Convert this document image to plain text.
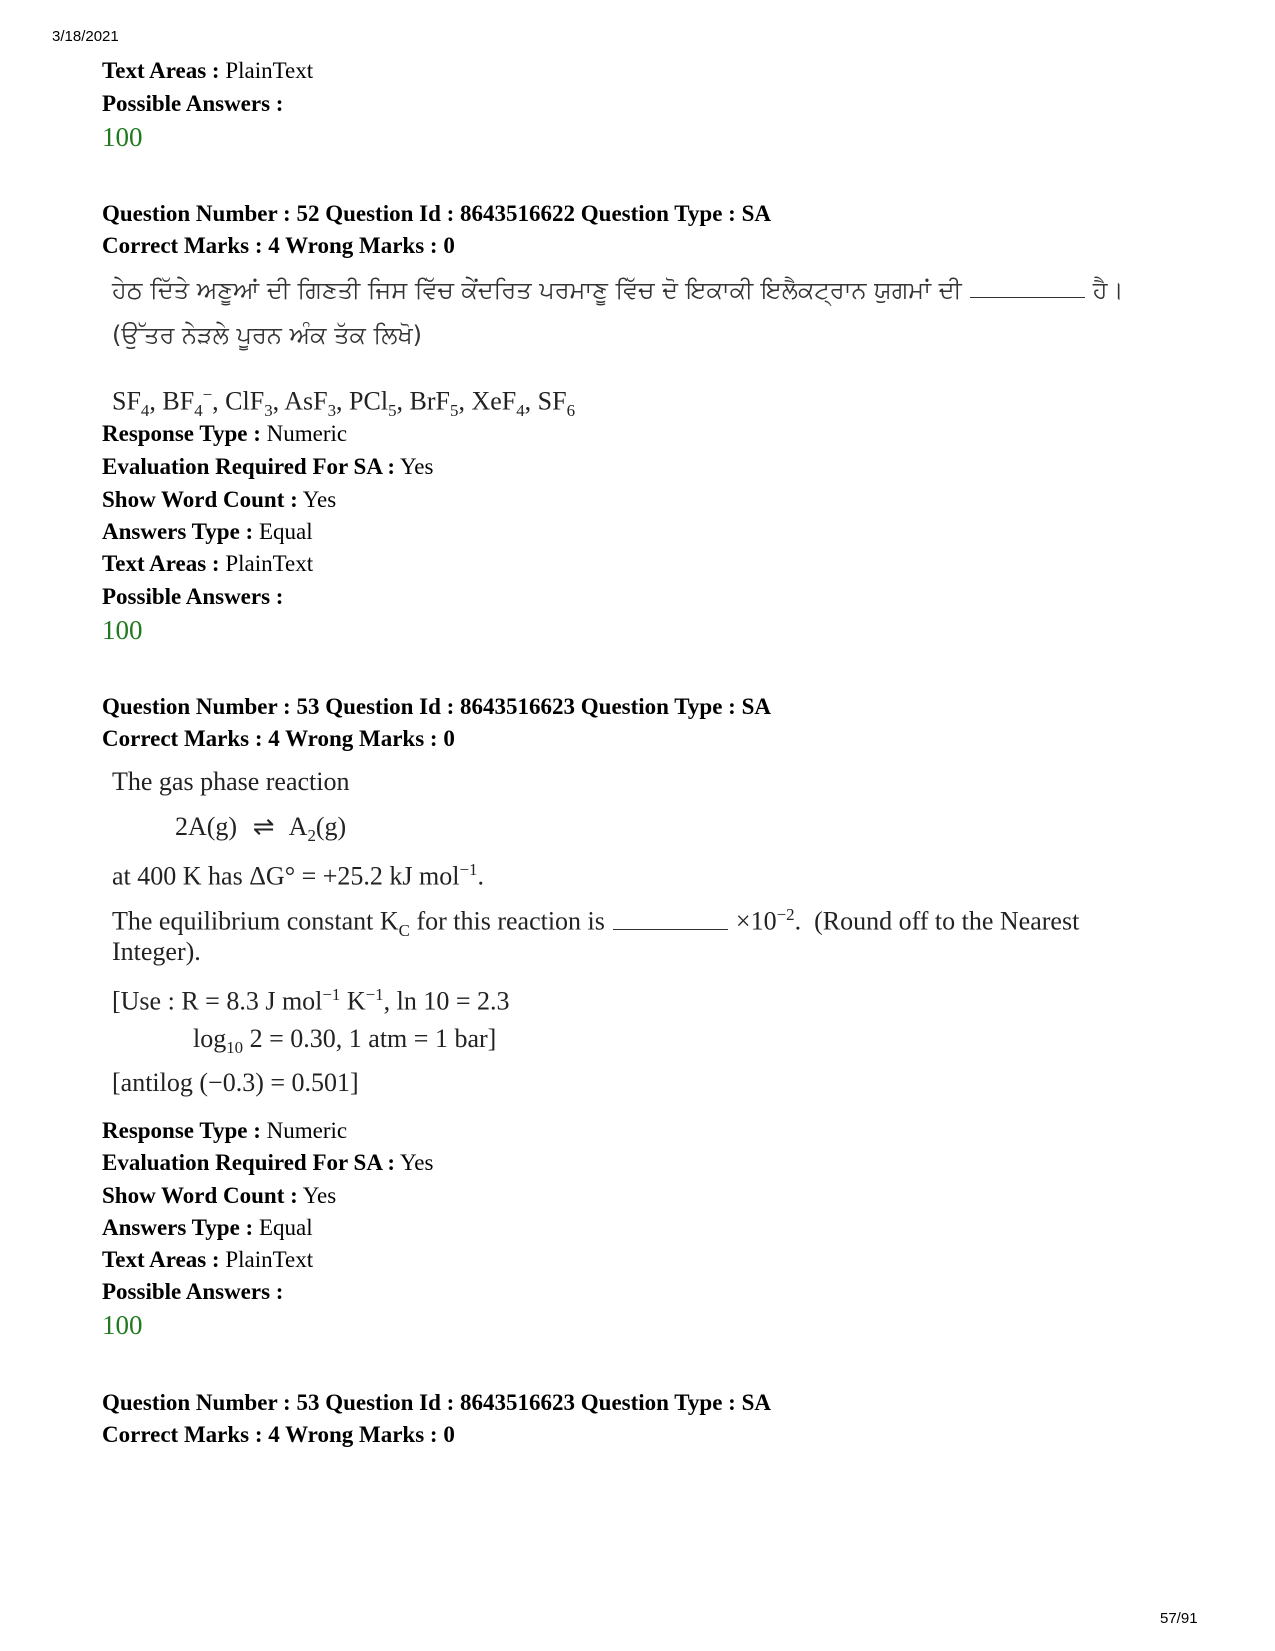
3/18/2021
Text Areas : PlainText
Possible Answers :
100
Question Number : 52 Question Id : 8643516622 Question Type : SA
Correct Marks : 4 Wrong Marks : 0
ਹੇਠ ਦਿੱਤੇ ਅਣੂਆਂ ਦੀ ਗਿਣਤੀ ਜਿਸ ਵਿੱਚ ਕੇਂਦਰਿਤ ਪਰਮਾਣੂ ਵਿੱਚ ਦੋ ਇਕਾਕੀ ਇਲੈਕਟ੍ਰਾਨ ਯੁਗਮਾਂ ਦੀ	ਹੈ।
(ਉੱਤਰ ਨੇੜਲੇ ਪੂਰਨ ਅੰਕ ਤੱਕ ਲਿਖੋ)
$SF_4$, $BF_4^-$, ClF$_3$, AsF$_3$, PCl$_5$, BrF$_5$, XeF$_4$, $SF_6$
Response Type : Numeric
Evaluation Required For SA : Yes
Show Word Count : Yes
Answers Type : Equal
Text Areas : PlainText
Possible Answers :
100
Question Number : 53 Question Id : 8643516623 Question Type : SA
Correct Marks : 4 Wrong Marks : 0
The gas phase reaction
2A(g) ⇌ $A_2(g)$
at 400 K has ΔG° = +25.2 kJ mol$^{-1}$.
The equilibrium constant $K_C$ for this reaction is	$\times 10^{-2}$.  (Round off to the Nearest
Integer).
[Use : R = 8.3 J mol$^{-1}$ $K^{-1}$, ln 10 = 2.3
$\log_{10} 2 = 0.30$, 1 atm = 1 bar]
[antilog (−0.3) = 0.501]
Response Type : Numeric
Evaluation Required For SA : Yes
Show Word Count : Yes
Answers Type : Equal
Text Areas : PlainText
Possible Answers :
100
Question Number : 53 Question Id : 8643516623 Question Type : SA
Correct Marks : 4 Wrong Marks : 0
57/91
